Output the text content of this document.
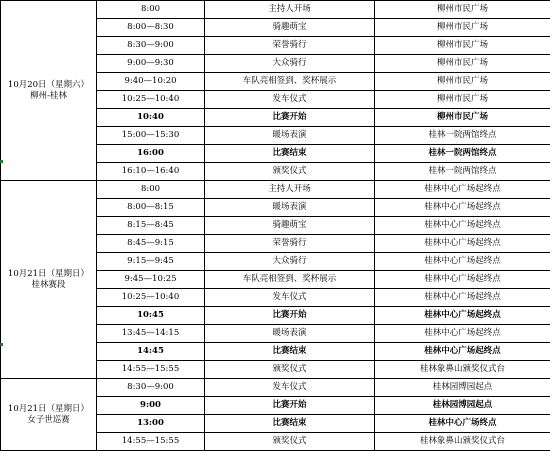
10月20日（星期六）
柳州-桂林	8:00	主持人开场	柳州市民广场
	8:00—8:30	骑趣萌宝	柳州市民广场
	8:30—9:00	荣誉骑行	柳州市民广场
	9:00—9:30	大众骑行	柳州市民广场
	9:40—10:20	车队亮相签到、奖杯展示	柳州市民广场
	10:25—10:40	发车仪式	柳州市民广场
	10:40	比赛开始	柳州市民广场
	15:00—15:30	暖场表演	桂林一院两馆终点
	16:00	比赛结束	桂林一院两馆终点
	16:10—16:40	颁奖仪式	桂林一院两馆终点

10月21日（星期日）
桂林赛段	8:00	主持人开场	桂林中心广场起终点
	8:00—8:15	暖场表演	桂林中心广场起终点
	8:15—8:45	骑趣萌宝	桂林中心广场起终点
	8:45—9:15	荣誉骑行	桂林中心广场起终点
	9:15—9:45	大众骑行	桂林中心广场起终点
	9:45—10:25	车队亮相签到、奖杯展示	桂林中心广场起终点
	10:25—10:40	发车仪式	桂林中心广场起终点
	10:45	比赛开始	桂林中心广场起终点
	13:45—14:15	暖场表演	桂林中心广场起终点
	14:45	比赛结束	桂林中心广场起终点
	14:55—15:55	颁奖仪式	桂林象鼻山颁奖仪式台

10月21日（星期日）
女子世巡赛	8:30—9:00	发车仪式	桂林园博园起点
	9:00	比赛开始	桂林园博园起点
	13:00	比赛结束	桂林中心广场终点
	14:55—15:55	颁奖仪式	桂林象鼻山颁奖仪式台
